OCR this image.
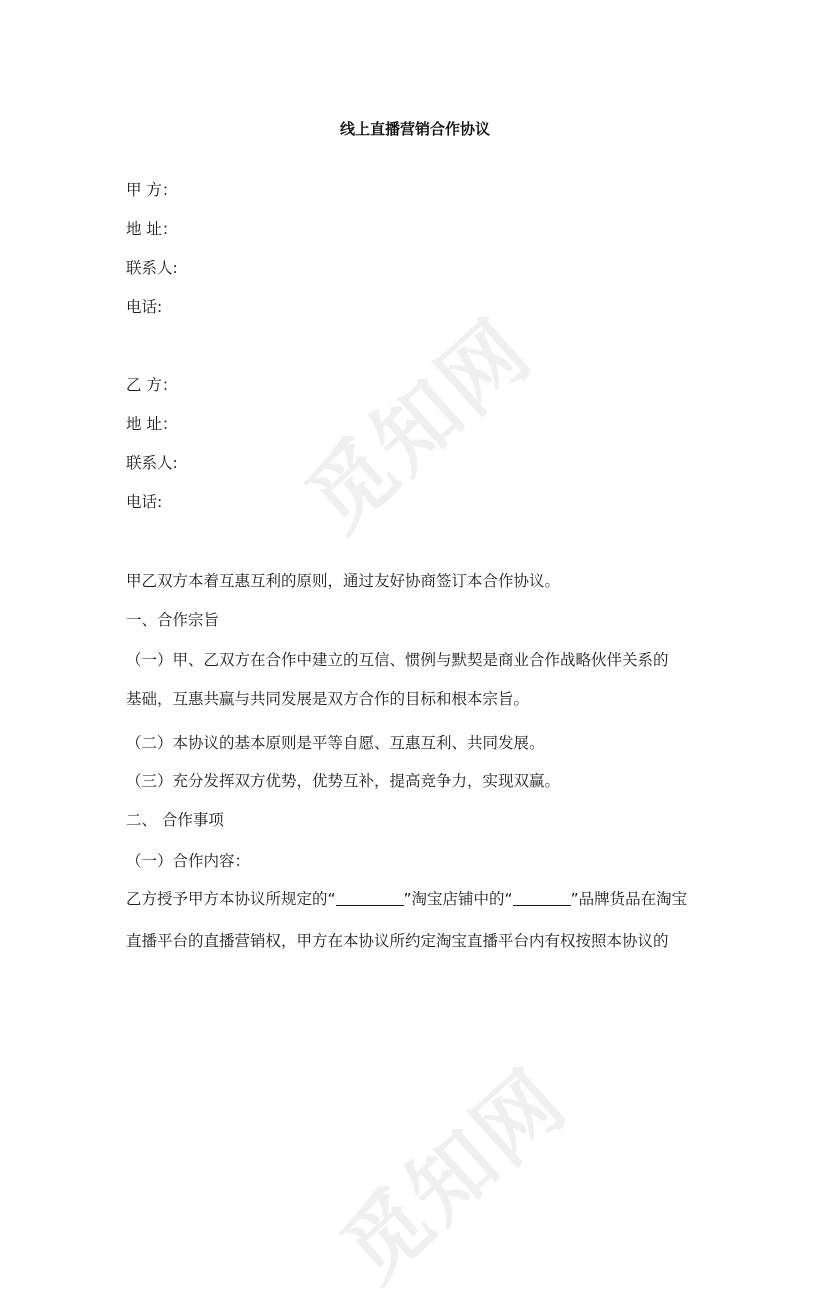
觅知网
觅知网
线上直播营销合作协议
甲 方：
地 址：
联系人:
电话:
乙 方：
地 址：
联系人:
电话:
甲乙双方本着互惠互利的原则，通过友好协商签订本合作协议。
一、合作宗旨
（一）甲、乙双方在合作中建立的互信、惯例与默契是商业合作战略伙伴关系的
基础，互惠共赢与共同发展是双方合作的目标和根本宗旨。
（二）本协议的基本原则是平等自愿、互惠互利、共同发展。
（三）充分发挥双方优势，优势互补，提高竞争力，实现双赢。
二、 合作事项
（一）合作内容：
乙方授予甲方本协议所规定的“	”淘宝店铺中的“	”品牌货品在淘宝
直播平台的直播营销权，甲方在本协议所约定淘宝直播平台内有权按照本协议的
